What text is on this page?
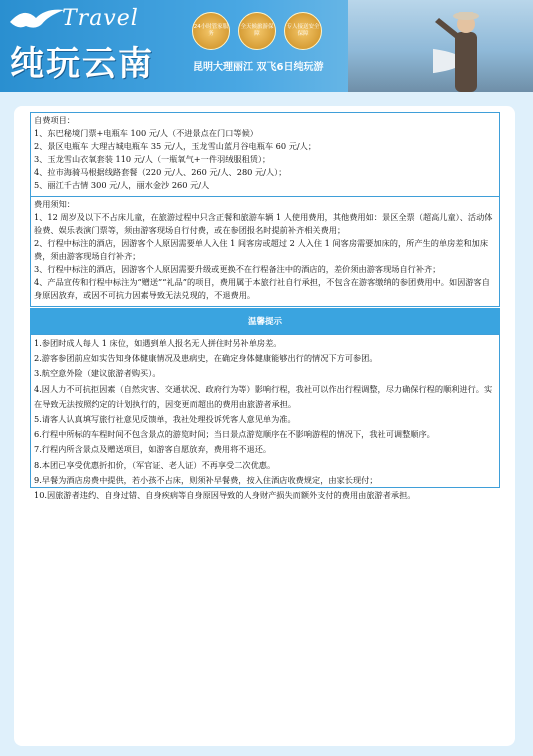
Travel
纯玩云南
24小时管家服务
全天候旅游保障
专人接送安全保障
昆明大理丽江 双飞6日纯玩游

自费项目：

1、东巴秘境门票+电瓶车 100 元/人（不进景点在门口等候）

2、景区电瓶车 大理古城电瓶车 35 元/人，玉龙雪山蓝月谷电瓶车 60 元/人；

3、玉龙雪山衣氧套装 110 元/人（一瓶氧气+一件羽绒服租赁）；

4、拉市海骑马根据线路套餐（220 元/人、260 元/人、280 元/人）；

5、丽江千古情 300 元/人，丽水金沙 260 元/人

费用须知：

1、12 周岁及以下不占床儿童，在旅游过程中只含正餐和旅游车辆 1 人使用费用，其他费用如：景区全票（超高儿童）、活动体验费、娱乐表演门票等，须由游客现场自行付费，或在参团报名时提前补齐相关费用；

2、行程中标注的酒店，因游客个人原因需要单人入住 1 间客房或超过 2 人入住 1 间客房需要加床的，所产生的单房差和加床费，须由游客现场自行补齐；

3、行程中标注的酒店，因游客个人原因需要升级或更换不在行程备注中的酒店的，差价须由游客现场自行补齐；

4、产品宣传和行程中标注为“赠送”“礼品”的项目，费用属于本旅行社自行承担，不包含在游客缴纳的参团费用中。如因游客自身原因放弃，或因不可抗力因素导致无法兑现的，不退费用。

温馨提示

1.参团时成人每人 1 床位，如遇到单人报名无人拼住时另补单房差。

2.游客参团前应如实告知身体健康情况及患病史，在确定身体健康能够出行的情况下方可参团。

3.航空意外险（建议旅游者购买）。

4.因人力不可抗拒因素（自然灾害、交通状况、政府行为等）影响行程，我社可以作出行程调整，尽力确保行程的顺利进行。实在导致无法按照约定的计划执行的，因变更而超出的费用由旅游者承担。

5.请客人认真填写旅行社意见反馈单，我社处理投诉凭客人意见单为准。

6.行程中所标的车程时间不包含景点的游览时间；当日景点游览顺序在不影响游程的情况下，我社可调整顺序。

7.行程内所含景点及赠送项目，如游客自愿放弃，费用将不退还。

8.本团已享受优惠折扣价，（军官证、老人证）不再享受二次优惠。

9.早餐为酒店房费中提供，若小孩不占床，则须补早餐费，按入住酒店收费规定，由家长现付；

10.因旅游者违约、自身过错、自身疾病等自身原因导致的人身财产损失而额外支付的费用由旅游者承担。
